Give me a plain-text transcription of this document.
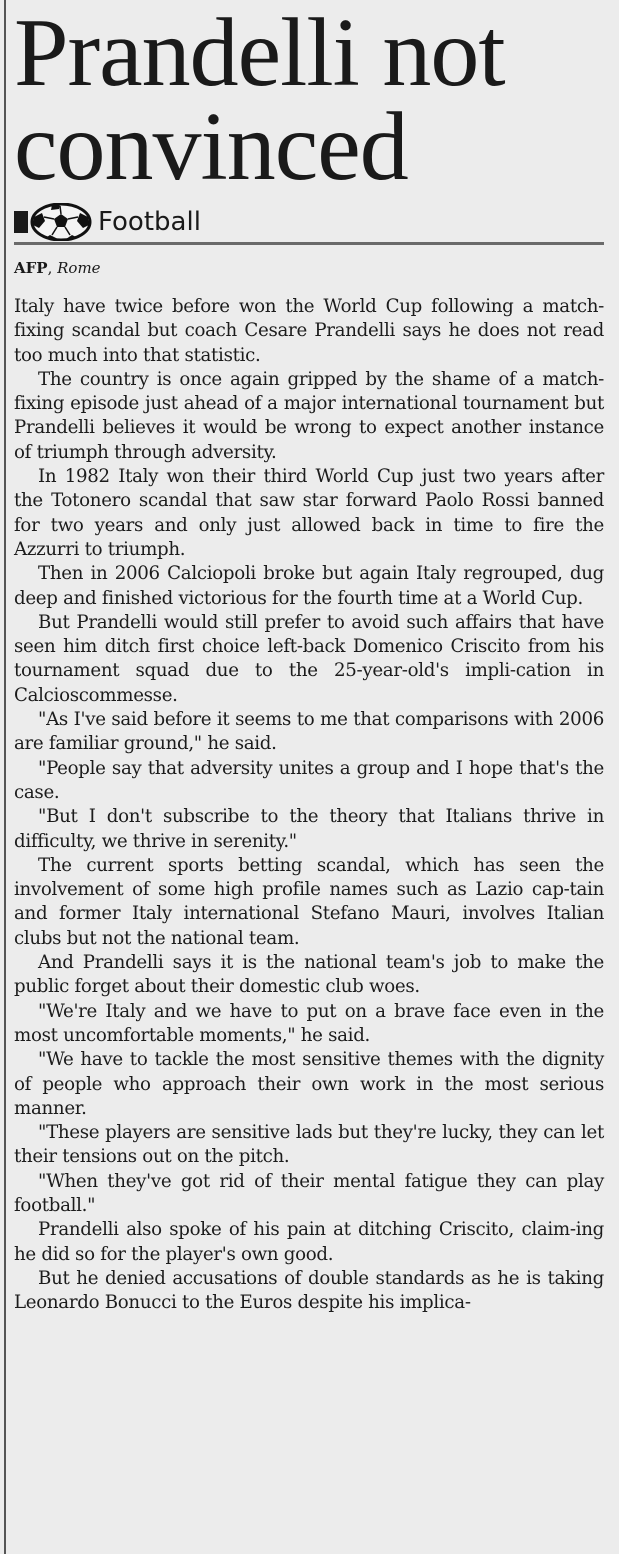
Prandelli not
convinced
Football
AFP, Rome

Italy have twice before won the World Cup following a match-fixing scandal but coach Cesare Prandelli says he does not read too much into that statistic.

The country is once again gripped by the shame of a match-fixing episode just ahead of a major international tournament but Prandelli believes it would be wrong to expect another instance of triumph through adversity.

In 1982 Italy won their third World Cup just two years after the Totonero scandal that saw star forward Paolo Rossi banned for two years and only just allowed back in time to fire the Azzurri to triumph.

Then in 2006 Calciopoli broke but again Italy regrouped, dug deep and finished victorious for the fourth time at a World Cup.

But Prandelli would still prefer to avoid such affairs that have seen him ditch first choice left-back Domenico Criscito from his tournament squad due to the 25-year-old's impli-cation in Calcioscommesse.

"As I've said before it seems to me that comparisons with 2006 are familiar ground," he said.

"People say that adversity unites a group and I hope that's the case.

"But I don't subscribe to the theory that Italians thrive in difficulty, we thrive in serenity."

The current sports betting scandal, which has seen the involvement of some high profile names such as Lazio cap-tain and former Italy international Stefano Mauri, involves Italian clubs but not the national team.

And Prandelli says it is the national team's job to make the public forget about their domestic club woes.

"We're Italy and we have to put on a brave face even in the most uncomfortable moments," he said.

"We have to tackle the most sensitive themes with the dignity of people who approach their own work in the most serious manner.

"These players are sensitive lads but they're lucky, they can let their tensions out on the pitch.

"When they've got rid of their mental fatigue they can play football."

Prandelli also spoke of his pain at ditching Criscito, claim-ing he did so for the player's own good.

But he denied accusations of double standards as he is taking Leonardo Bonucci to the Euros despite his implica-
